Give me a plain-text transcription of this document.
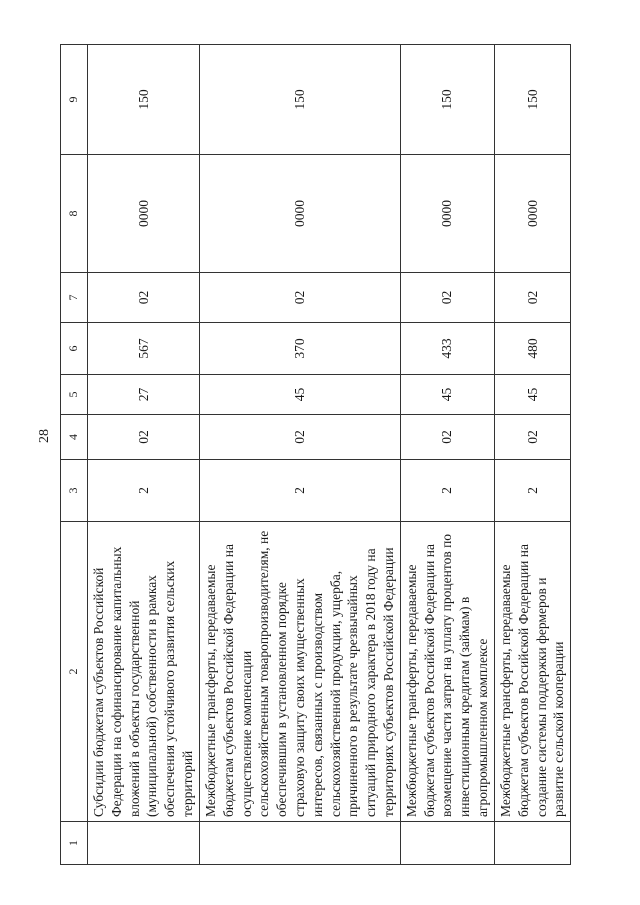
28
1	2	3	4	5	6	7	8	9
	Субсидии бюджетам субъектов Российской Федерации на софинансирование капитальных вложений в объекты государственной (муниципальной) собственности в рамках обеспечения устойчивого развития сельских территорий	2	02	27	567	02	0000	150
	Межбюджетные трансферты, передаваемые бюджетам субъектов Российской Федерации на осуществление компенсации сельскохозяйственным товаропроизводителям, не обеспечившим в установленном порядке страховую защиту своих имущественных интересов, связанных с производством сельскохозяйственной продукции, ущерба, причиненного в результате чрезвычайных ситуаций природного характера в 2018 году на территориях субъектов Российской Федерации	2	02	45	370	02	0000	150
	Межбюджетные трансферты, передаваемые бюджетам субъектов Российской Федерации на возмещение части затрат на уплату процентов по инвестиционным кредитам (займам) в агропромышленном комплексе	2	02	45	433	02	0000	150
	Межбюджетные трансферты, передаваемые бюджетам субъектов Российской Федерации на создание системы поддержки фермеров и развитие сельской кооперации	2	02	45	480	02	0000	150
